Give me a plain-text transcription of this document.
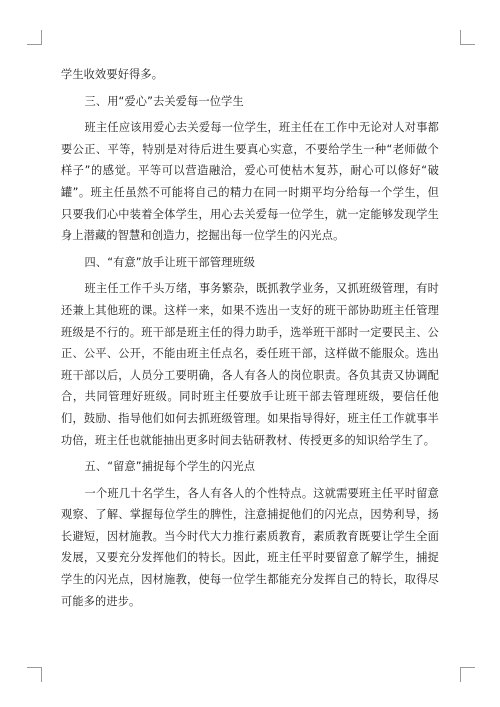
学生收效要好得多。

三、用“爱心”去关爱每一位学生

班主任应该用爱心去关爱每一位学生，班主任在工作中无论对人对事都要公正、平等，特别是对待后进生要真心实意，不要给学生一种“老师做个样子”的感觉。平等可以营造融洽，爱心可使枯木复苏，耐心可以修好“破罐”。班主任虽然不可能将自己的精力在同一时期平均分给每一个学生，但只要我们心中装着全体学生，用心去关爱每一位学生，就一定能够发现学生身上潜藏的智慧和创造力，挖掘出每一位学生的闪光点。

四、“有意”放手让班干部管理班级

班主任工作千头万绪，事务繁杂，既抓教学业务，又抓班级管理，有时还兼上其他班的课。这样一来，如果不选出一支好的班干部协助班主任管理班级是不行的。班干部是班主任的得力助手，选举班干部时一定要民主、公正、公平、公开，不能由班主任点名，委任班干部，这样做不能服众。选出班干部以后，人员分工要明确，各人有各人的岗位职责。各负其责又协调配合，共同管理好班级。同时班主任要放手让班干部去管理班级，要信任他们，鼓励、指导他们如何去抓班级管理。如果指导得好，班主任工作就事半功倍，班主任也就能抽出更多时间去钻研教材、传授更多的知识给学生了。

五、“留意”捕捉每个学生的闪光点

一个班几十名学生，各人有各人的个性特点。这就需要班主任平时留意观察、了解、掌握每位学生的脾性，注意捕捉他们的闪光点，因势利导，扬长避短，因材施教。当今时代大力推行素质教育，素质教育既要让学生全面发展，又要充分发挥他们的特长。因此，班主任平时要留意了解学生，捕捉学生的闪光点，因材施教，使每一位学生都能充分发挥自己的特长，取得尽可能多的进步。
